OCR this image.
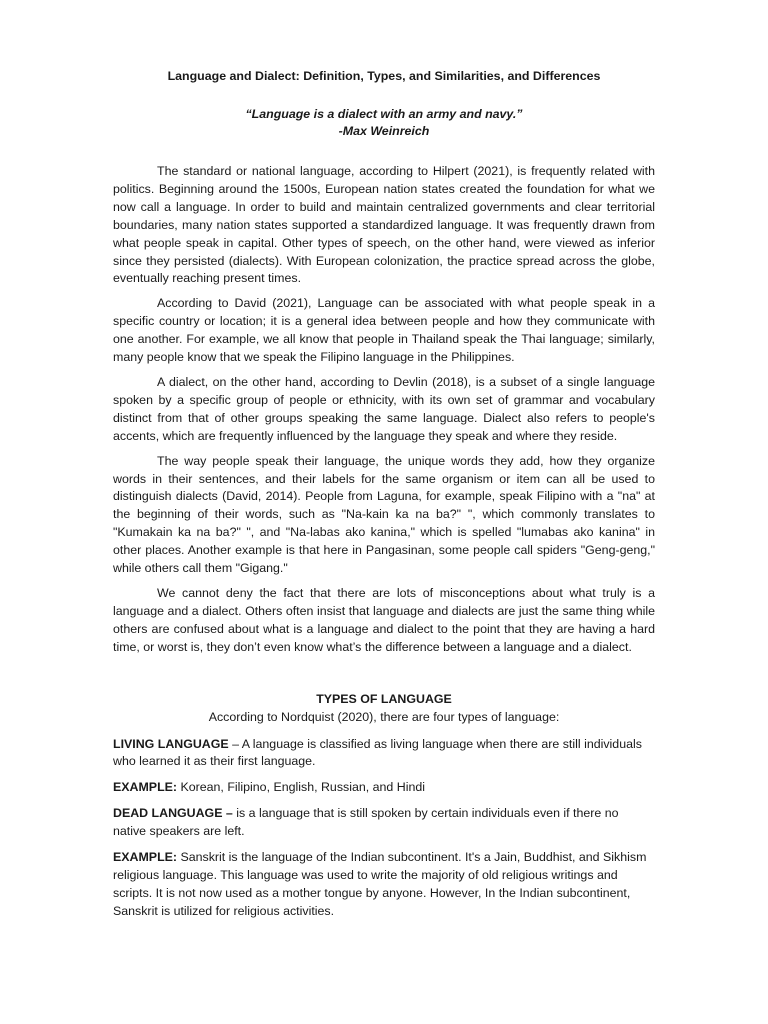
Language and Dialect: Definition, Types, and Similarities, and Differences
“Language is a dialect with an army and navy.”
-Max Weinreich

The standard or national language, according to Hilpert (2021), is frequently related with politics. Beginning around the 1500s, European nation states created the foundation for what we now call a language. In order to build and maintain centralized governments and clear territorial boundaries, many nation states supported a standardized language. It was frequently drawn from what people speak in capital. Other types of speech, on the other hand, were viewed as inferior since they persisted (dialects). With European colonization, the practice spread across the globe, eventually reaching present times.

According to David (2021), Language can be associated with what people speak in a specific country or location; it is a general idea between people and how they communicate with one another. For example, we all know that people in Thailand speak the Thai language; similarly, many people know that we speak the Filipino language in the Philippines.

A dialect, on the other hand, according to Devlin (2018), is a subset of a single language spoken by a specific group of people or ethnicity, with its own set of grammar and vocabulary distinct from that of other groups speaking the same language. Dialect also refers to people's accents, which are frequently influenced by the language they speak and where they reside.

The way people speak their language, the unique words they add, how they organize words in their sentences, and their labels for the same organism or item can all be used to distinguish dialects (David, 2014). People from Laguna, for example, speak Filipino with a "na" at the beginning of their words, such as "Na-kain ka na ba?" ", which commonly translates to "Kumakain ka na ba?" ", and "Na-labas ako kanina," which is spelled "lumabas ako kanina" in other places. Another example is that here in Pangasinan, some people call spiders "Geng-geng," while others call them "Gigang."

We cannot deny the fact that there are lots of misconceptions about what truly is a language and a dialect. Others often insist that language and dialects are just the same thing while others are confused about what is a language and dialect to the point that they are having a hard time, or worst is, they don’t even know what’s the difference between a language and a dialect.

TYPES OF LANGUAGE
According to Nordquist (2020), there are four types of language:

LIVING LANGUAGE – A language is classified as living language when there are still individuals who learned it as their first language.

EXAMPLE: Korean, Filipino, English, Russian, and Hindi

DEAD LANGUAGE – is a language that is still spoken by certain individuals even if there no native speakers are left.

EXAMPLE: Sanskrit is the language of the Indian subcontinent. It's a Jain, Buddhist, and Sikhism religious language. This language was used to write the majority of old religious writings and scripts. It is not now used as a mother tongue by anyone. However, In the Indian subcontinent, Sanskrit is utilized for religious activities.
